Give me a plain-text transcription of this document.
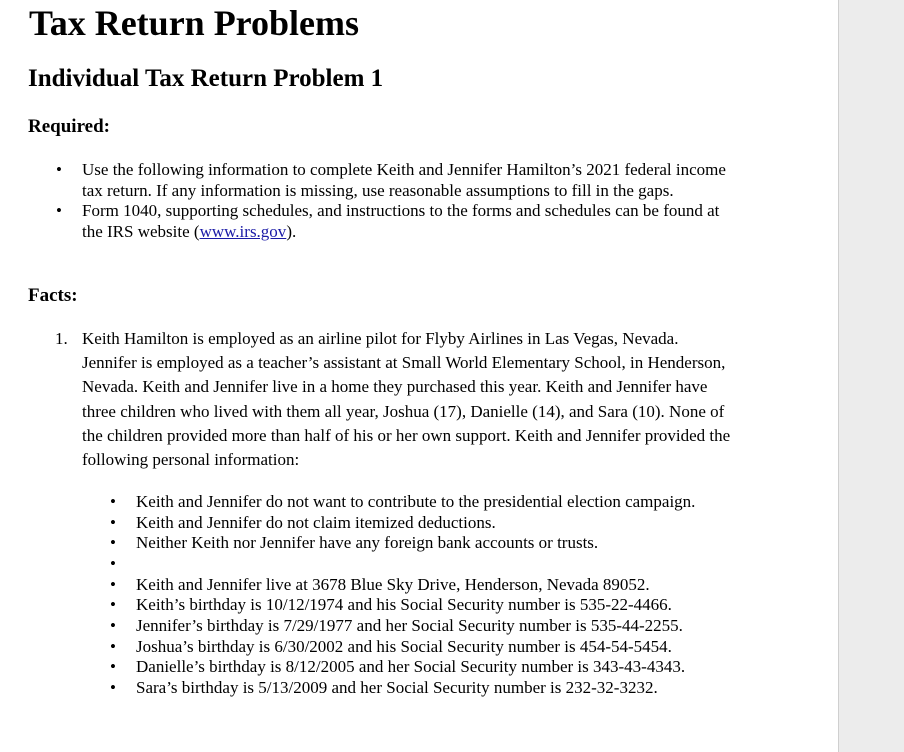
Tax Return Problems
Individual Tax Return Problem 1

Required:

• Use the following information to complete Keith and Jennifer Hamilton’s 2021 federal income tax return. If any information is missing, use reasonable assumptions to fill in the gaps.
• Form 1040, supporting schedules, and instructions to the forms and schedules can be found at the IRS website (www.irs.gov).

Facts:

1. Keith Hamilton is employed as an airline pilot for Flyby Airlines in Las Vegas, Nevada. Jennifer is employed as a teacher’s assistant at Small World Elementary School, in Henderson, Nevada. Keith and Jennifer live in a home they purchased this year. Keith and Jennifer have three children who lived with them all year, Joshua (17), Danielle (14), and Sara (10). None of the children provided more than half of his or her own support. Keith and Jennifer provided the following personal information:
• Keith and Jennifer do not want to contribute to the presidential election campaign.
• Keith and Jennifer do not claim itemized deductions.
• Neither Keith nor Jennifer have any foreign bank accounts or trusts.
•
• Keith and Jennifer live at 3678 Blue Sky Drive, Henderson, Nevada 89052.
• Keith’s birthday is 10/12/1974 and his Social Security number is 535-22-4466.
• Jennifer’s birthday is 7/29/1977 and her Social Security number is 535-44-2255.
• Joshua’s birthday is 6/30/2002 and his Social Security number is 454-54-5454.
• Danielle’s birthday is 8/12/2005 and her Social Security number is 343-43-4343.
• Sara’s birthday is 5/13/2009 and her Social Security number is 232-32-3232.
